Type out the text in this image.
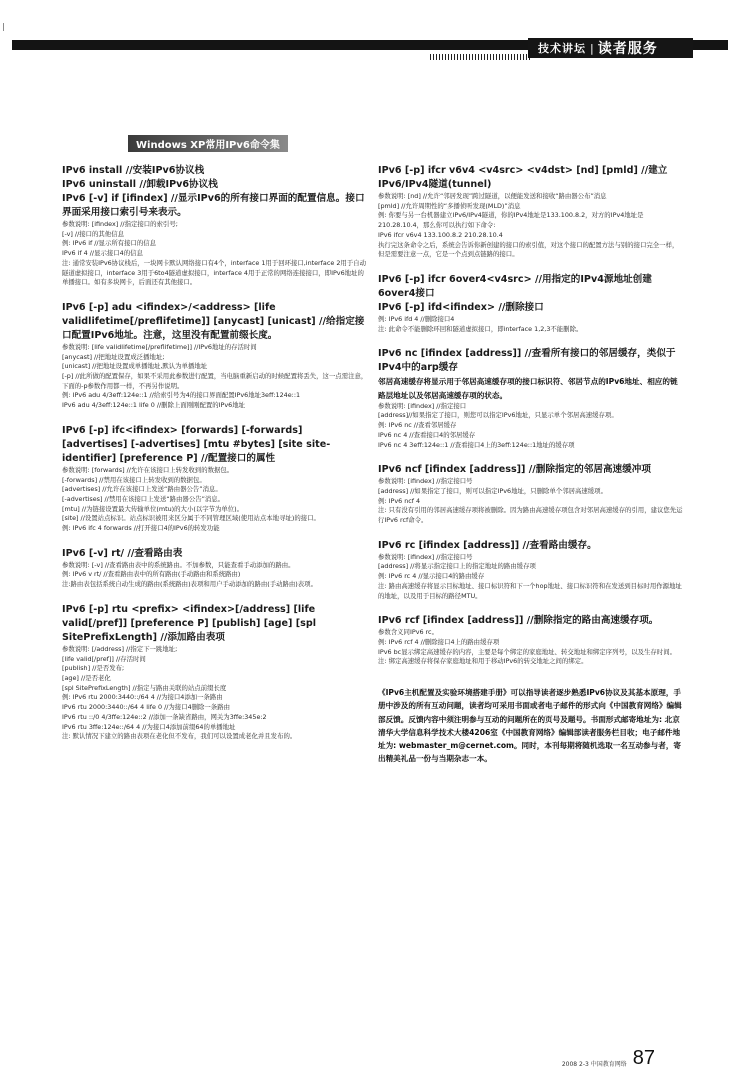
|
技术讲坛 | 读者服务
Windows XP常用IPv6命令集

IPv6 install //安装IPv6协议栈

IPv6 uninstall //卸载IPv6协议栈

IPv6 [-v] if [ifindex] //显示IPv6的所有接口界面的配置信息。接口界面采用接口索引号来表示。

参数说明: [ifindex] //指定接口的索引号;

[-v] //接口的其他信息

例: IPv6 if //显示所有接口的信息

IPv6 if 4 //显示接口4的信息

注: 通常安装IPv6协议栈后，一块网卡默认网络接口有4个，interface 1用于回环接口,interface 2用于自动隧道虚拟接口，interface 3用于6to4隧道虚拟接口，interface 4用于正常的网络连接接口，即IPv6地址的单播接口。如有多块网卡，后面还有其他接口。

IPv6 [-p] adu <ifindex>/<address> [life validlifetime[/preflifetime]] [anycast] [unicast] //给指定接口配置IPv6地址。注意，这里没有配置前缀长度。

参数说明: [life validlifetime[/preflifetime]] //IPv6地址的存活时间

[anycast] //把地址设置成泛播地址;

[unicast] //把地址设置成单播地址,默认为单播地址

[-p] //此所做的配置保存，如果不采用此参数进行配置，当电脑重新启动的时候配置将丢失，这一点需注意，下面的-p参数作用都一样，不再另作说明。

例: IPv6 adu 4/3eff:124e::1 //给索引号为4的接口界面配置IPv6地址3eff:124e::1

IPv6 adu 4/3eff:124e::1 life 0 //删除上面刚刚配置的IPv6地址

IPv6 [-p] ifc<ifindex> [forwards] [-forwards] [advertises] [-advertises] [mtu #bytes] [site site-identifier] [preference P] //配置接口的属性

参数说明: [forwards] //允许在该接口上转发收到的数据包。

[-forwards] //禁用在该接口上转发收到的数据包。

[advertises] //允许在该接口上发送“路由器公告”消息。

[-advertises] //禁用在该接口上发送“路由器公告”消息。

[mtu] //为链接设置最大传输单位(mtu)的大小(以字节为单位)。

[site] //设置站点标识。站点标识被用来区分属于不同管理区域(使用站点本地寻址)的接口。

例: IPv6 ifc 4 forwards //打开接口4的IPv6的转发功能

IPv6 [-v] rt/ //查看路由表

参数说明: [-v] //查看路由表中的系统路由。不加参数，只能查看手动添加的路由。

例: IPv6 v rt/ //查看路由表中的所有路由(手动路由和系统路由)

注:路由表包括系统自动生成的路由(系统路由)表项和用户手动添加的路由(手动路由)表项。

IPv6 [-p] rtu <prefix> <ifindex>[/address] [life valid[/pref]] [preference P] [publish] [age] [spl SitePrefixLength] //添加路由表项

参数说明: [/address] //指定下一跳地址;

[life valid[/pref]] //存活时间

[publish] //是否发布;

[age] //是否老化

[spl SitePrefixLength] //指定与路由关联的站点前缀长度

例: IPv6 rtu 2000:3440::/64 4 //为接口4添加一条路由

IPv6 rtu 2000:3440::/64 4 life 0 //为接口4删除一条路由

IPv6 rtu ::/0 4/3ffe:124e::2 //添加一条缺省路由，网关为3ffe:345e:2

IPv6 rtu 3ffe:124e::/64 4 //为接口4添加前缀64的单播地址

注: 默认情况下建立的路由表项在老化但不发布，我们可以设置成老化并且发布的。

IPv6 [-p] ifcr v6v4 <v4src> <v4dst> [nd] [pmld] //建立IPv6/IPv4隧道(tunnel)

参数说明: [nd] //允许“邻居发现”跨过隧道，以便能发送和接收“路由器公布”消息

[pmld] //允许周期性的“多播侦听发现(MLD)”消息

例: 你要与另一台机器建立IPv6/IPv4隧道，你的IPv4地址是133.100.8.2，对方的IPv4地址是210.28.10.4，那么你可以执行如下命令:

IPv6 ifcr v6v4 133.100.8.2 210.28.10.4

执行完这条命令之后，系统会告诉你新创建的接口的索引值，对这个接口的配置方法与别的接口完全一样，但是需要注意一点，它是一个点到点链路的接口。

IPv6 [-p] ifcr 6over4<v4src> //用指定的IPv4源地址创建6over4接口

IPv6 [-p] ifd<ifindex> //删除接口

例: IPv6 ifd 4 //删除接口4

注: 此命令不能删除环回和隧道虚拟接口，即interface 1,2,3不能删除。

IPv6 nc [ifindex [address]] //查看所有接口的邻居缓存，类似于IPv4中的arp缓存

邻居高速缓存将显示用于邻居高速缓存项的接口标识符、邻居节点的IPv6地址、相应的链路层地址以及邻居高速缓存项的状态。

参数说明: [ifindex] //指定接口

[address]//如果指定了接口，则您可以指定IPv6地址，只显示单个邻居高速缓存项。

例: IPv6 nc //查看邻居缓存

IPv6 nc 4 //查看接口4的邻居缓存

IPv6 nc 4 3eff:124e::1 //查看接口4上的3eff:124e::1地址的缓存项

IPv6 ncf [ifindex [address]] //删除指定的邻居高速缓冲项

参数说明: [ifindex] //指定接口号

[address] //如果指定了接口，则可以指定IPv6地址，只删除单个邻居高速缓项。

例: IPv6 ncf 4

注: 只有没有引用的邻居高速缓存项将被删除。因为路由高速缓存项包含对邻居高速缓存的引用，建议您先运行IPv6 rcf命令。

IPv6 rc [ifindex [address]] //查看路由缓存。

参数说明: [ifindex] //指定接口号

[address] //将显示指定接口上的指定地址的路由缓存项

例: IPv6 rc 4 //显示接口4的路由缓存

注: 路由高速缓存将显示目标地址、接口标识符和下一个hop地址、接口标识符和在发送到目标时用作源地址的地址，以及用于目标的路径MTU。

IPv6 rcf [ifindex [address]] //删除指定的路由高速缓存项。

参数含义同IPv6 rc。

例: IPv6 rcf 4 //删除接口4上的路由缓存项

IPv6 bc显示绑定高速缓存的内容，主要是每个绑定的家庭地址、转交地址和绑定序列号，以及生存时间。

注: 绑定高速缓存将保存家庭地址和用于移动IPv6的转交地址之间的绑定。

《IPv6主机配置及实验环境搭建手册》可以指导读者逐步熟悉IPv6协议及其基本原理，手册中涉及的所有互动问题，读者均可采用书面或者电子邮件的形式向《中国教育网络》编辑部反馈。反馈内容中须注明参与互动的问题所在的页号及题号。书面形式邮寄地址为: 北京清华大学信息科学技术大楼4206室《中国教育网络》编辑部读者服务栏目收；电子邮件地址为: webmaster_m@cernet.com。同时，本刊每期将随机选取一名互动参与者，寄出精美礼品一份与当期杂志一本。

2008 2-3 中国教育网络 87
